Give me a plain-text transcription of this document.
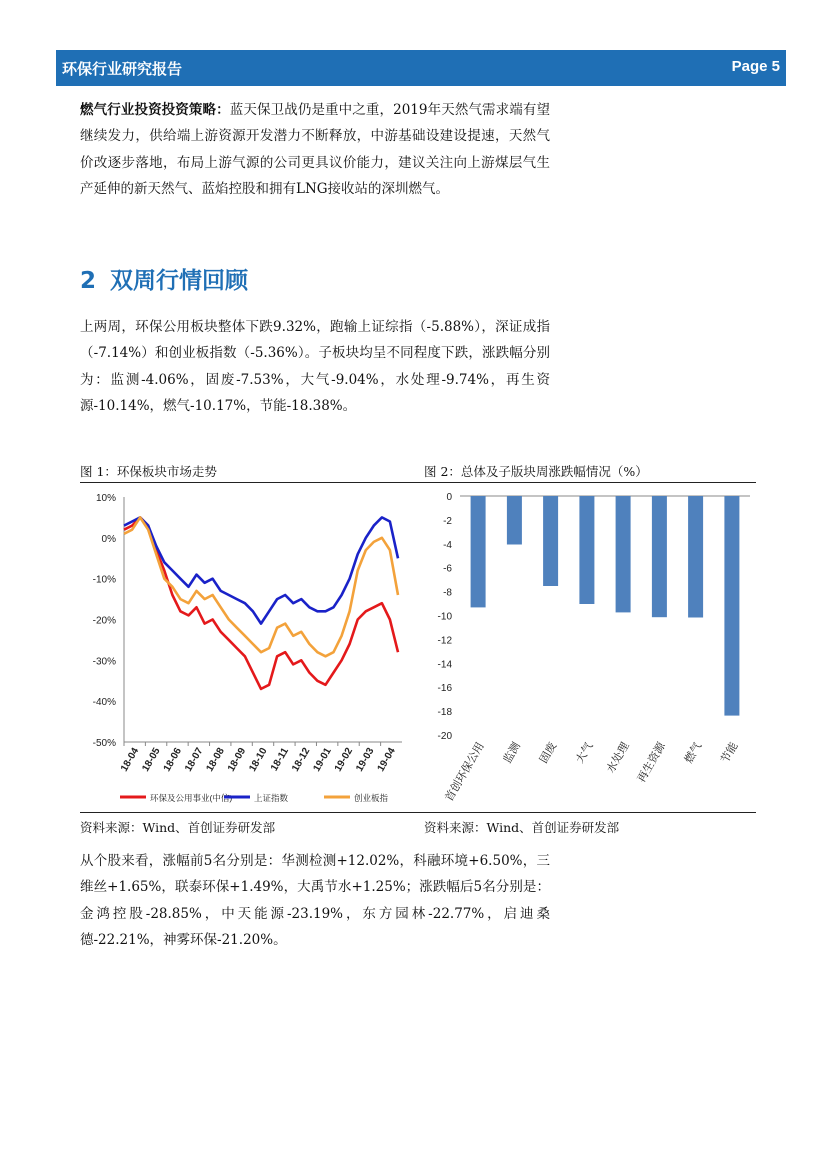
环保行业研究报告	Page 5
燃气行业投资投资策略：蓝天保卫战仍是重中之重，2019年天然气需求端有望继续发力，供给端上游资源开发潜力不断释放，中游基础设建设提速，天然气价改逐步落地，布局上游气源的公司更具议价能力，建议关注向上游煤层气生产延伸的新天然气、蓝焰控股和拥有LNG接收站的深圳燃气。
2 双周行情回顾
上两周，环保公用板块整体下跌9.32%，跑输上证综指（-5.88%），深证成指（-7.14%）和创业板指数（-5.36%）。子板块均呈不同程度下跌，涨跌幅分别为：监测-4.06%，固废-7.53%，大气-9.04%，水处理-9.74%，再生资源-10.14%，燃气-10.17%，节能-18.38%。
图 1：环保板块市场走势	图 2：总体及子版块周涨跌幅情况（%）
10%
0%
-10%
-20%
-30%
-40%
-50%
18-04 18-05 18-06 18-07 18-08 18-09 18-10 18-11 18-12 19-01 19-02 19-03 19-04
环保及公用事业(中信)	上证指数	创业板指
0
-2
-4
-6
-8
-10
-12
-14
-16
-18
-20
首创环保公用 监测 固废 大气 水处理 再生资源 燃气 节能
资料来源：Wind、首创证券研发部	资料来源：Wind、首创证券研发部
从个股来看，涨幅前5名分别是：华测检测+12.02%，科融环境+6.50%，三维丝+1.65%，联泰环保+1.49%，大禹节水+1.25%；涨跌幅后5名分别是：金鸿控股-28.85%，中天能源-23.19%，东方园林-22.77%，启迪桑德-22.21%，神雾环保-21.20%。
